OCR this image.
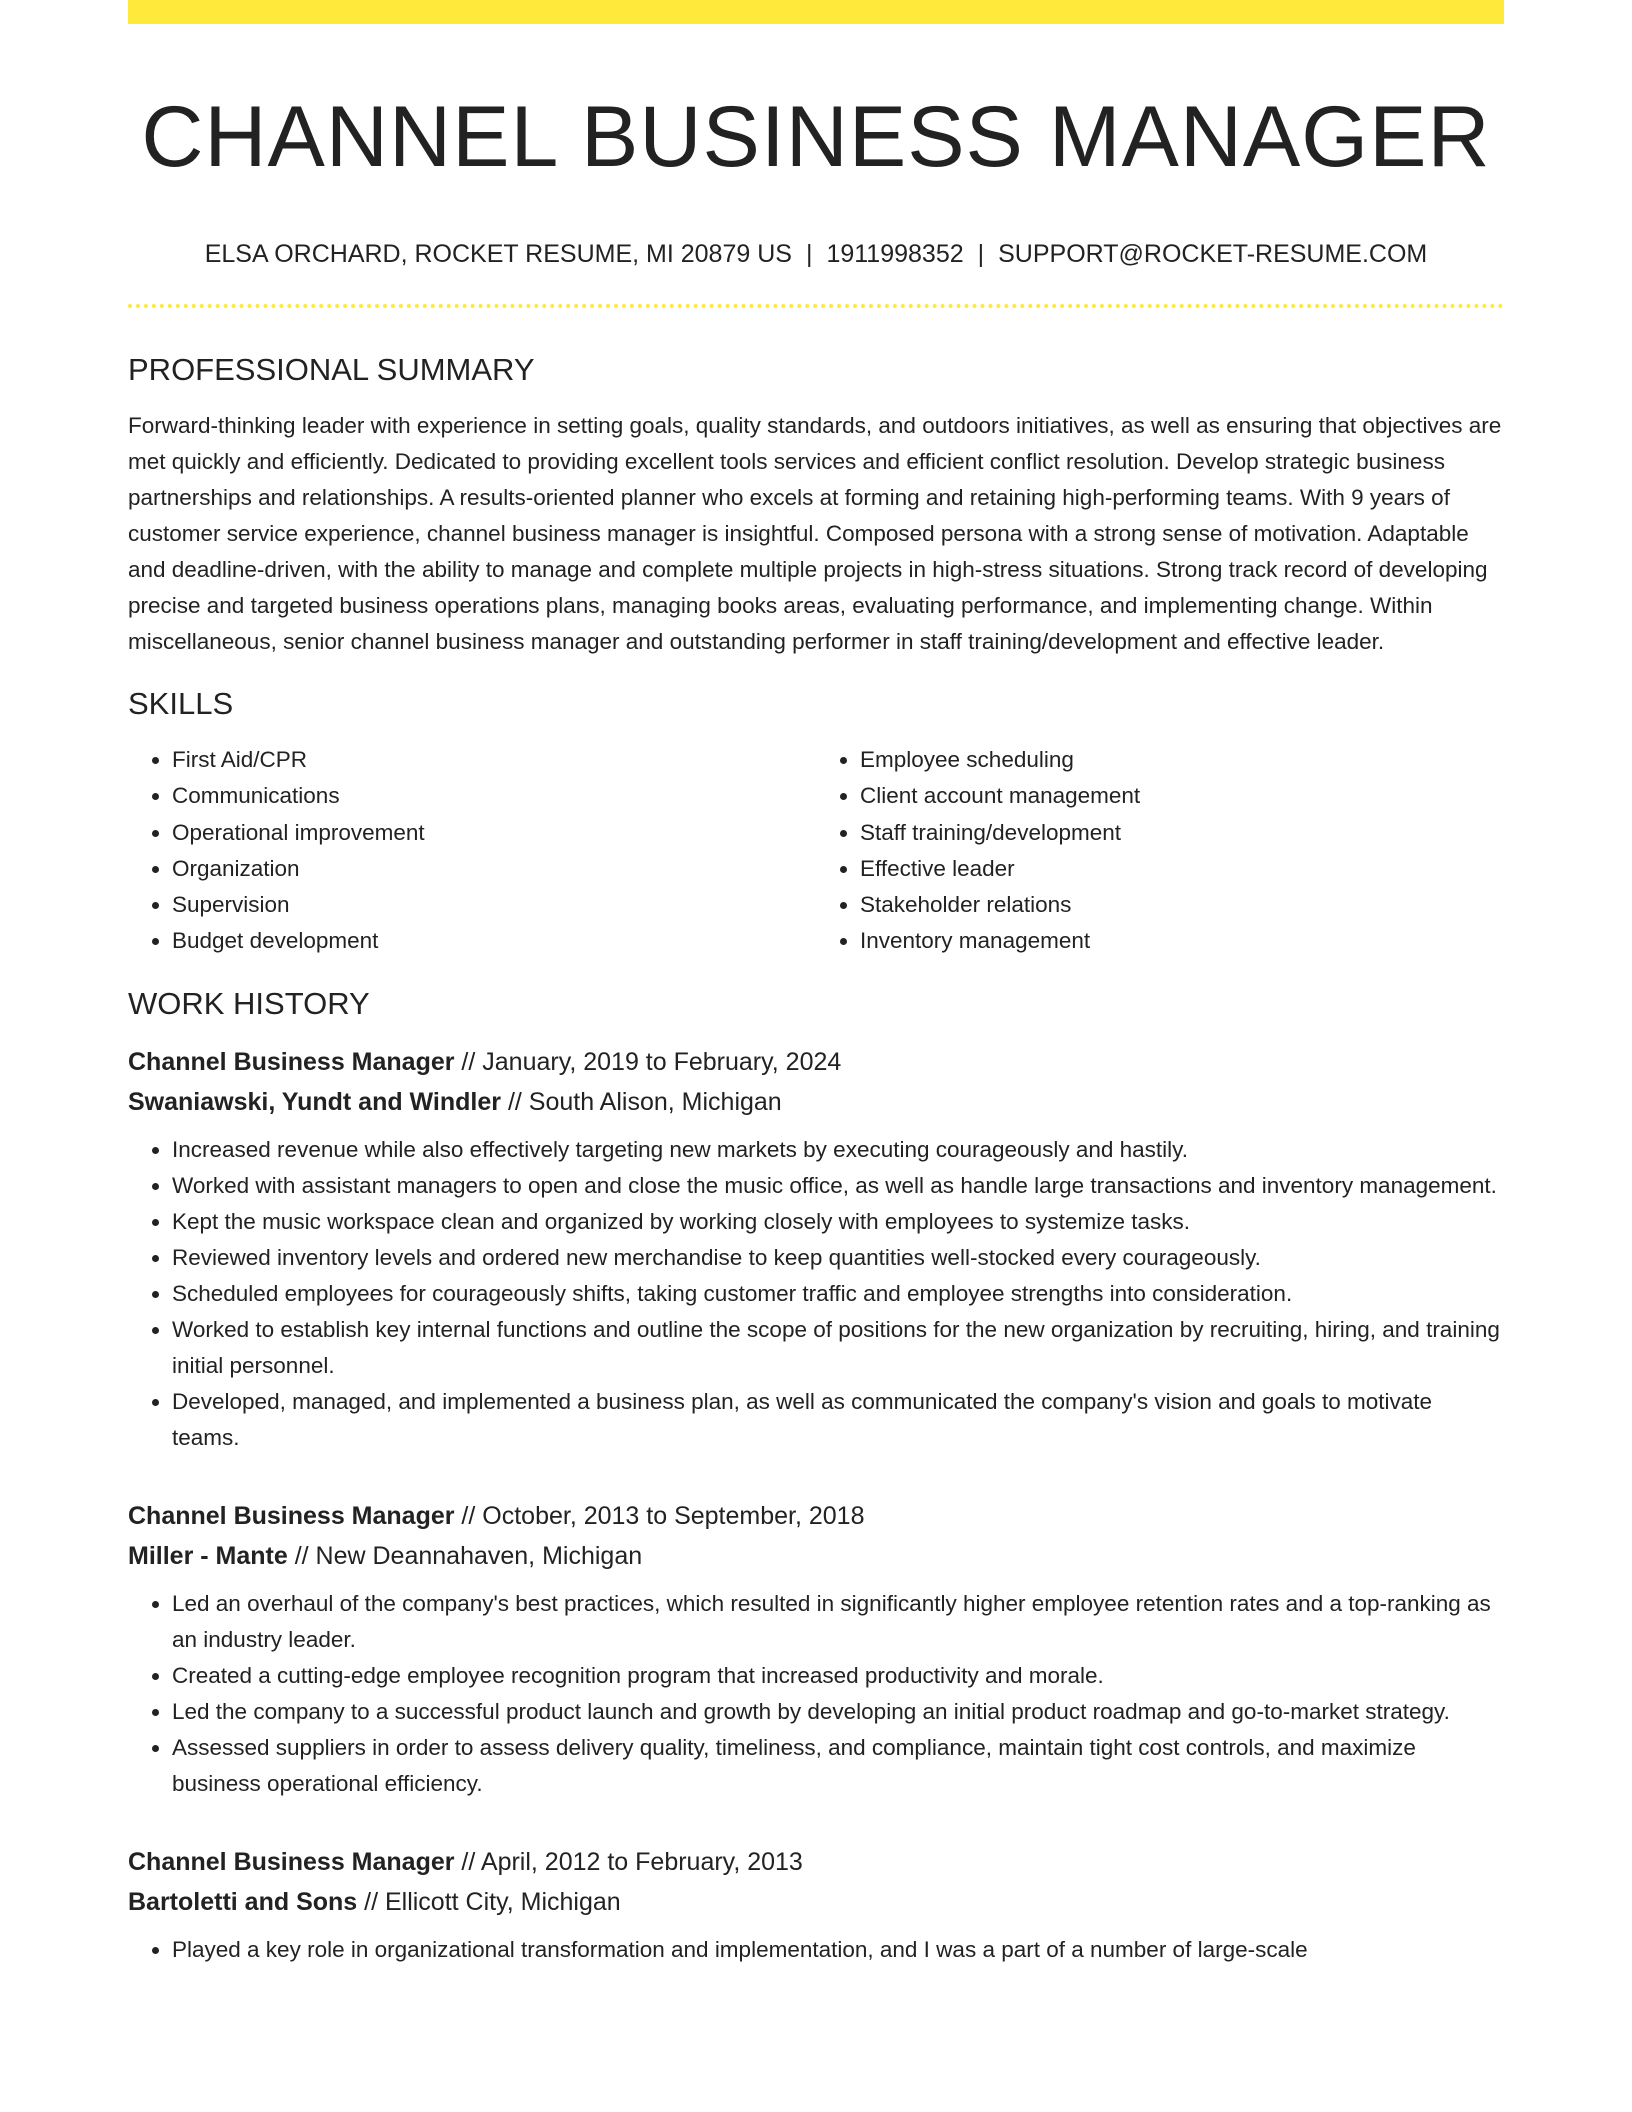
CHANNEL BUSINESS MANAGER
ELSA ORCHARD, ROCKET RESUME, MI 20879 US | 1911998352 | SUPPORT@ROCKET-RESUME.COM
PROFESSIONAL SUMMARY

Forward-thinking leader with experience in setting goals, quality standards, and outdoors initiatives, as well as ensuring that objectives are met quickly and efficiently. Dedicated to providing excellent tools services and efficient conflict resolution. Develop strategic business partnerships and relationships. A results-oriented planner who excels at forming and retaining high-performing teams. With 9 years of customer service experience, channel business manager is insightful. Composed persona with a strong sense of motivation. Adaptable and deadline-driven, with the ability to manage and complete multiple projects in high-stress situations. Strong track record of developing precise and targeted business operations plans, managing books areas, evaluating performance, and implementing change. Within miscellaneous, senior channel business manager and outstanding performer in staff training/development and effective leader.

SKILLS
• First Aid/CPR
• Communications
• Operational improvement
• Organization
• Supervision
• Budget development
• Employee scheduling
• Client account management
• Staff training/development
• Effective leader
• Stakeholder relations
• Inventory management
WORK HISTORY
Channel Business Manager // January, 2019 to February, 2024
Swaniawski, Yundt and Windler // South Alison, Michigan
• Increased revenue while also effectively targeting new markets by executing courageously and hastily.
• Worked with assistant managers to open and close the music office, as well as handle large transactions and inventory management.
• Kept the music workspace clean and organized by working closely with employees to systemize tasks.
• Reviewed inventory levels and ordered new merchandise to keep quantities well-stocked every courageously.
• Scheduled employees for courageously shifts, taking customer traffic and employee strengths into consideration.
• Worked to establish key internal functions and outline the scope of positions for the new organization by recruiting, hiring, and training initial personnel.
• Developed, managed, and implemented a business plan, as well as communicated the company's vision and goals to motivate teams.
Channel Business Manager // October, 2013 to September, 2018
Miller - Mante // New Deannahaven, Michigan
• Led an overhaul of the company's best practices, which resulted in significantly higher employee retention rates and a top-ranking as an industry leader.
• Created a cutting-edge employee recognition program that increased productivity and morale.
• Led the company to a successful product launch and growth by developing an initial product roadmap and go-to-market strategy.
• Assessed suppliers in order to assess delivery quality, timeliness, and compliance, maintain tight cost controls, and maximize business operational efficiency.
Channel Business Manager // April, 2012 to February, 2013
Bartoletti and Sons // Ellicott City, Michigan
• Played a key role in organizational transformation and implementation, and I was a part of a number of large-scale
